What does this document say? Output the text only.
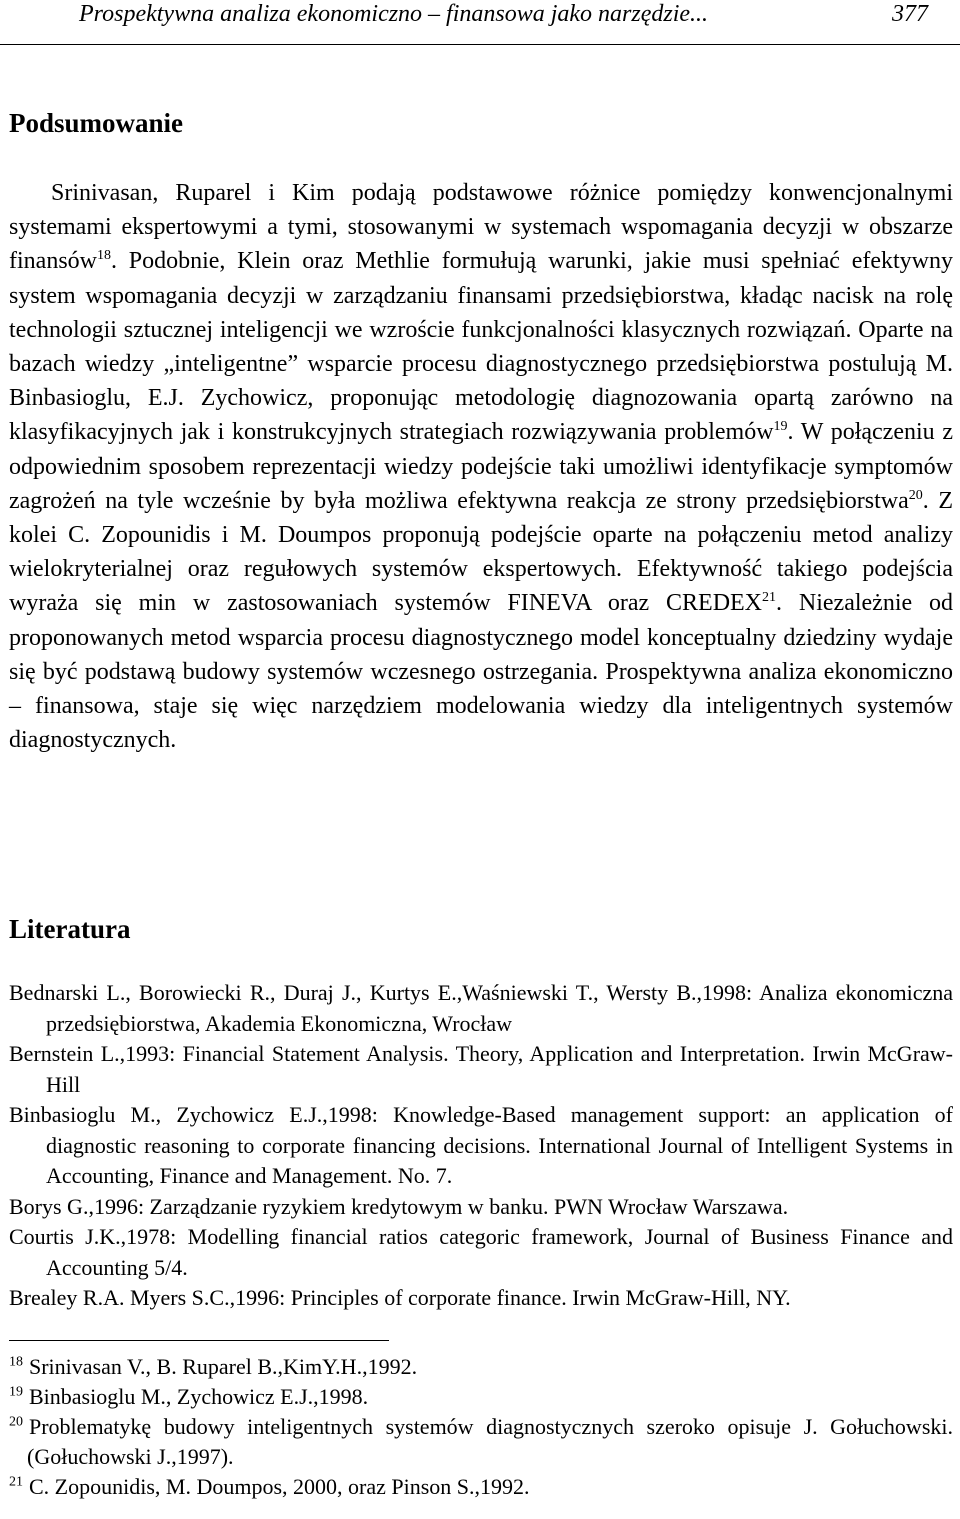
Prospektywna analiza ekonomiczno – finansowa jako narzędzie...	377
Podsumowanie

Srinivasan, Ruparel i Kim podają podstawowe różnice pomiędzy konwencjonalnymi systemami ekspertowymi a tymi, stosowanymi w systemach wspomagania decyzji w obszarze finansów$^{18}$. Podobnie, Klein oraz Methlie formułują warunki, jakie musi spełniać efektywny system wspomagania decyzji w zarządzaniu finansami przedsiębiorstwa, kładąc nacisk na rolę technologii sztucznej inteligencji we wzroście funkcjonalności klasycznych rozwiązań. Oparte na bazach wiedzy „inteligentne” wsparcie procesu diagnostycznego przedsiębiorstwa postulują M. Binbasioglu, E.J. Zychowicz, proponując metodologię diagnozowania opartą zarówno na klasyfikacyjnych jak i konstrukcyjnych strategiach rozwiązywania problemów$^{19}$. W połączeniu z odpowiednim sposobem reprezentacji wiedzy podejście taki umożliwi identyfikacje symptomów zagrożeń na tyle wcześnie by była możliwa efektywna reakcja ze strony przedsiębiorstwa$^{20}$. Z kolei C. Zopounidis i M. Doumpos proponują podejście oparte na połączeniu metod analizy wielokryterialnej oraz regułowych systemów ekspertowych. Efektywność takiego podejścia wyraża się min w zastosowaniach systemów FINEVA oraz CREDEX$^{21}$. Niezależnie od proponowanych metod wsparcia procesu diagnostycznego model konceptualny dziedziny wydaje się być podstawą budowy systemów wczesnego ostrzegania. Prospektywna analiza ekonomiczno – finansowa, staje się więc narzędziem modelowania wiedzy dla inteligentnych systemów diagnostycznych.

Literatura
Bednarski L., Borowiecki R., Duraj J., Kurtys E.,Waśniewski T., Wersty B.,1998: Analiza ekonomiczna przedsiębiorstwa, Akademia Ekonomiczna, Wrocław
Bernstein L.,1993: Financial Statement Analysis. Theory, Application and Interpretation. Irwin McGraw-Hill
Binbasioglu M., Zychowicz E.J.,1998: Knowledge-Based management support: an application of diagnostic reasoning to corporate financing decisions. International Journal of Intelligent Systems in Accounting, Finance and Management. No. 7.
Borys G.,1996: Zarządzanie ryzykiem kredytowym w banku. PWN Wrocław Warszawa.
Courtis J.K.,1978: Modelling financial ratios categoric framework, Journal of Business Finance and Accounting 5/4.
Brealey R.A. Myers S.C.,1996: Principles of corporate finance. Irwin McGraw-Hill, NY.
$^{18}$ Srinivasan V., B. Ruparel B.,KimY.H.,1992.
$^{19}$ Binbasioglu M., Zychowicz E.J.,1998.
$^{20}$ Problematykę budowy inteligentnych systemów diagnostycznych szeroko opisuje J. Gołuchowski.(Gołuchowski J.,1997).
$^{21}$ C. Zopounidis, M. Doumpos, 2000, oraz Pinson S.,1992.
